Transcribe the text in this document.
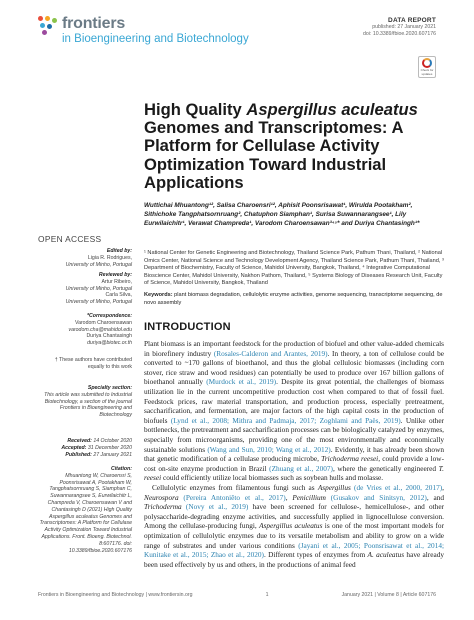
frontiers
in Bioengineering and Biotechnology
DATA REPORT
published: 27 January 2021
doi: 10.3389/fbioe.2020.607176
Check for
updates
High Quality Aspergillus aculeatus Genomes and Transcriptomes: A Platform for Cellulase Activity Optimization Toward Industrial Applications
Wuttichai Mhuantong¹², Salisa Charoensri¹², Aphisit Poonsrisawat¹, Wirulda Pootakham², Sithichoke Tangphatsornruang², Chatuphon Siamphan¹, Surisa Suwannarangsee¹, Lily Eurwilaichitr¹, Verawat Champreda¹, Varodom Charoensawan³⁴⁵* and Duriya Chantasingh¹*
¹ National Center for Genetic Engineering and Biotechnology, Thailand Science Park, Pathum Thani, Thailand, ² National Omics Center, National Science and Technology Development Agency, Thailand Science Park, Pathum Thani, Thailand, ³ Department of Biochemistry, Faculty of Science, Mahidol University, Bangkok, Thailand, ⁴ Integrative Computational Bioscience Center, Mahidol University, Nakhon Pathom, Thailand, ⁵ Systems Biology of Diseases Research Unit, Faculty of Science, Mahidol University, Bangkok, Thailand
Keywords: plant biomass degradation, cellulolytic enzyme activities, genome sequencing, transcriptome sequencing, de novo assembly
OPEN ACCESS
Edited by:
Ligia R. Rodrigues,
University of Minho, Portugal
Reviewed by:
Artur Ribeiro,
University of Minho, Portugal
Carla Silva,
University of Minho, Portugal
*Correspondence:
Varodom Charoensawan
varodom.cha@mahidol.edu
Duriya Chantasingh
duriya@biotec.or.th
† These authors have contributed equally to this work
Specialty section:
This article was submitted to Industrial Biotechnology, a section of the journal Frontiers in Bioengineering and Biotechnology
Received: 14 October 2020
Accepted: 31 December 2020
Published: 27 January 2021
Citation:
Mhuantong W, Charoensri S, Poonsrisawat A, Pootakham W, Tangphatsornruang S, Siamphan C, Suwannarangsee S, Eurwilaichitr L, Champreda V, Charoensawan V and Chantasingh D (2021) High Quality Aspergillus aculeatus Genomes and Transcriptomes: A Platform for Cellulase Activity Optimization Toward Industrial Applications. Front. Bioeng. Biotechnol. 8:607176. doi: 10.3389/fbioe.2020.607176
INTRODUCTION

Plant biomass is an important feedstock for the production of biofuel and other value-added chemicals in biorefinery industry (Rosales-Calderon and Arantes, 2019). In theory, a ton of cellulose could be converted to ~170 gallons of bioethanol, and thus the global cellulosic biomasses (including corn stover, rice straw and wood residues) can potentially be used to produce over 167 billion gallons of bioethanol annually (Murdock et al., 2019). Despite its great potential, the challenges of biomass utilization lie in the current uncompetitive production cost when compared to that of fossil fuel. Feedstock prices, raw material transportation, and production process, especially pretreatment, saccharification, and fermentation, are major factors of the high capital costs in the production of biofuels (Lynd et al., 2008; Mithra and Padmaja, 2017; Zoghlami and Paës, 2019). Unlike other bottlenecks, the pretreatment and saccharification processes can be biologically catalyzed by enzymes, especially from microorganisms, providing one of the most environmentally and economically sustainable solutions (Wang and Sun, 2010; Wang et al., 2012). Evidently, it has already been shown that genetic modification of a cellulase producing microbe, Trichoderma reesei, could provide a low-cost on-site enzyme production in Brazil (Zhuang et al., 2007), where the genetically engineered T. reesei could efficiently utilize local biomasses such as soybean hulls and molasse.

Cellulolytic enzymes from filamentous fungi such as Aspergillus (de Vries et al., 2000, 2017), Neurospora (Pereira Antoniêto et al., 2017), Penicillium (Gusakov and Sinitsyn, 2012), and Trichoderma (Novy et al., 2019) have been screened for cellulose-, hemicellulose-, and other polysaccharide-degrading enzyme activities, and successfully applied in lignocellulose conversion. Among the cellulase-producing fungi, Aspergillus aculeatus is one of the most important models for optimization of cellulolytic enzymes due to its versatile metabolism and ability to grow on a wide range of substrates and under various conditions (Jayani et al., 2005; Poonsrisawat et al., 2014; Kunitake et al., 2015; Zhao et al., 2020). Different types of enzymes from A. aculeatus have already been used effectively by us and others, in the productions of animal feed

Frontiers in Bioengineering and Biotechnology | www.frontiersin.org	1	January 2021 | Volume 8 | Article 607176
